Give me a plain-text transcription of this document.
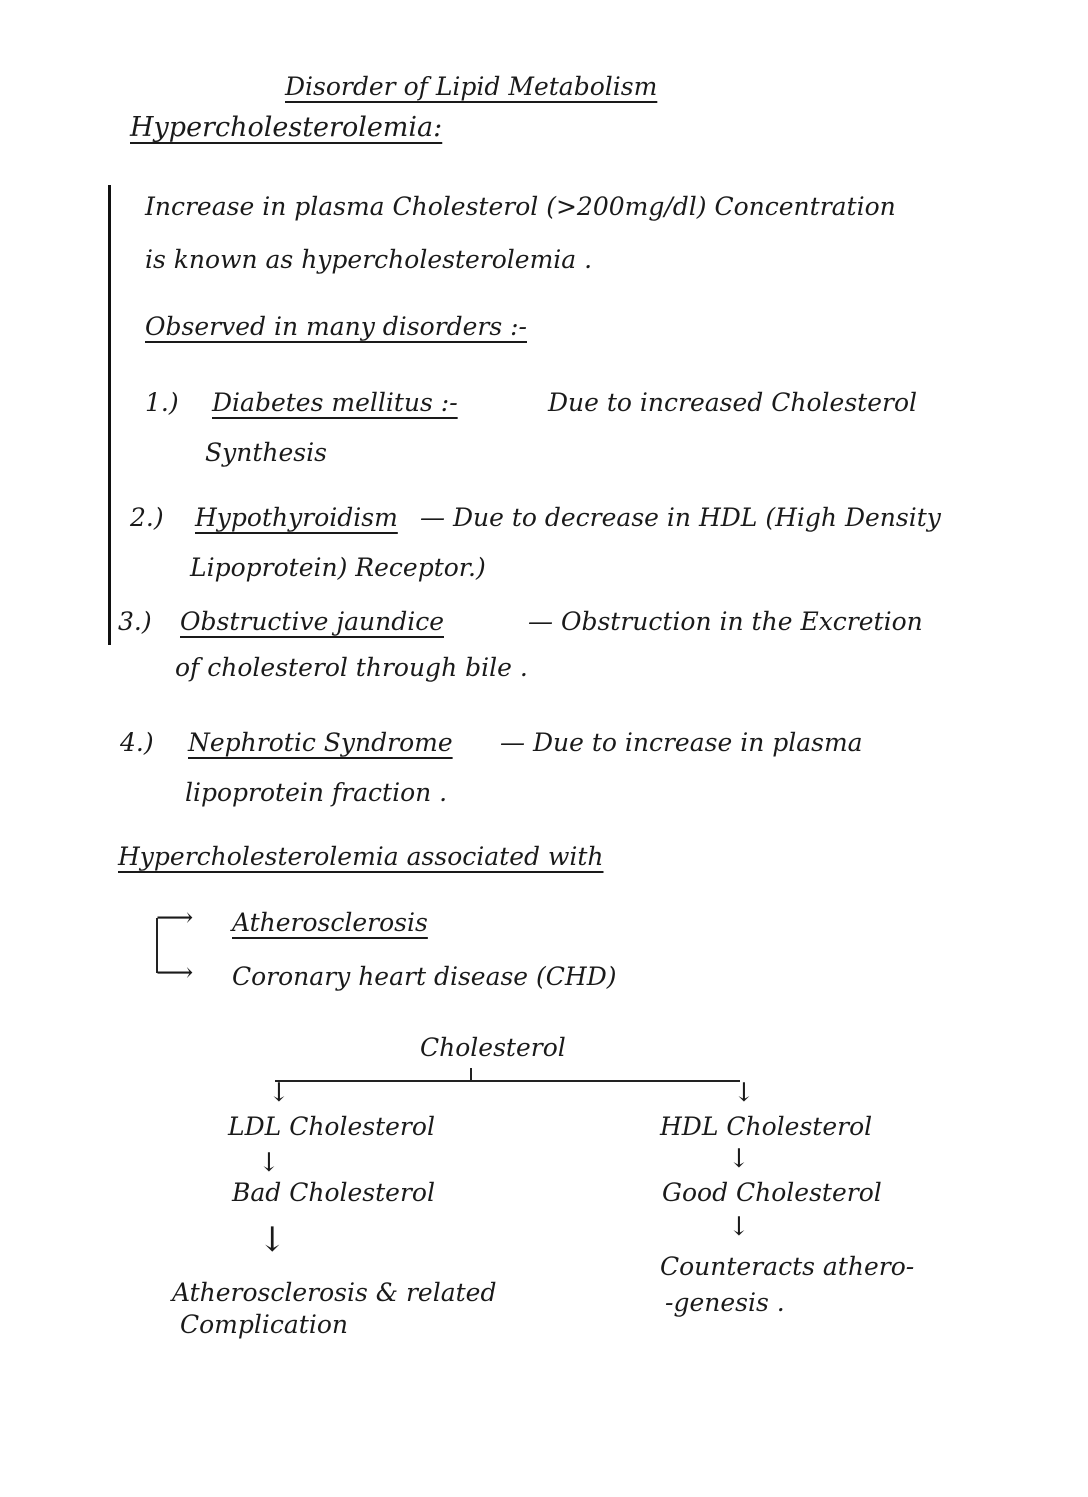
Disorder of Lipid Metabolism
Hypercholesterolemia:
Increase in plasma Cholesterol (>200mg/dl) Concentration
is known as hypercholesterolemia .
Observed in many disorders :-
1.) Diabetes mellitus :-	Due to increased Cholesterol
Synthesis
2.) Hypothyroidism — Due to decrease in HDL (High Density
Lipoprotein) Receptor.)
3.) Obstructive jaundice	— Obstruction in the Excretion
of cholesterol through bile .
4.) Nephrotic Syndrome — Due to increase in plasma
lipoprotein fraction .
Hypercholesterolemia associated with
⟶
⟶
Atherosclerosis
Coronary heart disease (CHD)
Cholesterol
↓	↓
LDL Cholesterol
↓
Bad Cholesterol
↓
Atherosclerosis & related
Complication
HDL Cholesterol
↓
Good Cholesterol
↓
Counteracts athero-
-genesis .
